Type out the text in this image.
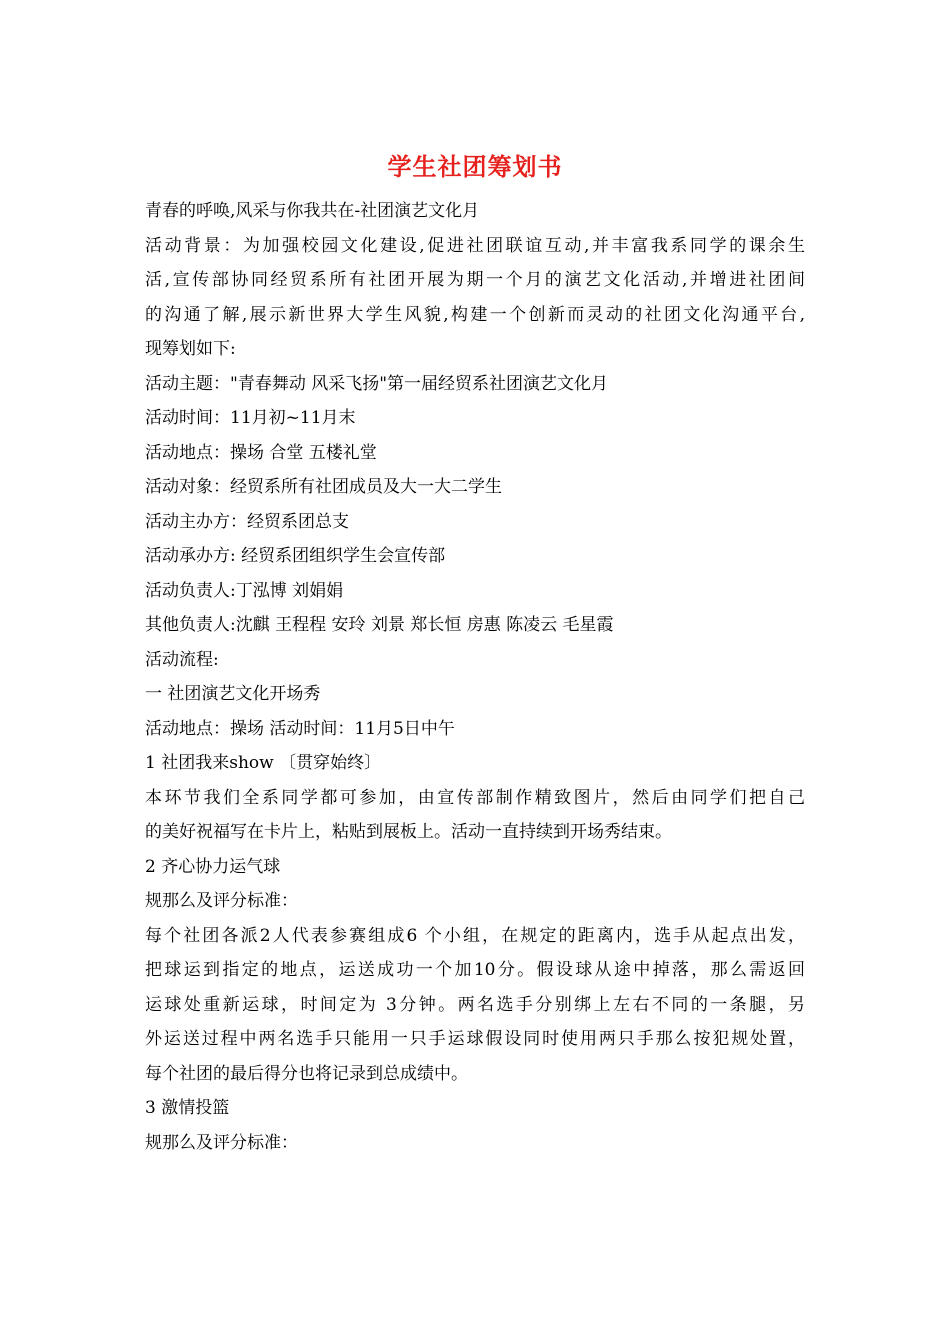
学生社团筹划书
青春的呼唤,风采与你我共在-社团演艺文化月
活动背景：为加强校园文化建设,促进社团联谊互动,并丰富我系同学的课余生
活,宣传部协同经贸系所有社团开展为期一个月的演艺文化活动,并增进社团间
的沟通了解,展示新世界大学生风貌,构建一个创新而灵动的社团文化沟通平台,
现筹划如下:
活动主题："青春舞动 风采飞扬"第一届经贸系社团演艺文化月
活动时间：11月初~11月末
活动地点：操场 合堂 五楼礼堂
活动对象：经贸系所有社团成员及大一大二学生
活动主办方：经贸系团总支
活动承办方: 经贸系团组织学生会宣传部
活动负责人:丁泓博 刘娟娟
其他负责人:沈麒 王程程 安玲 刘景 郑长恒 房惠 陈凌云 毛星霞
活动流程:
一 社团演艺文化开场秀
活动地点：操场 活动时间：11月5日中午
1 社团我来show 〔贯穿始终〕
本环节我们全系同学都可参加，由宣传部制作精致图片，然后由同学们把自己
的美好祝福写在卡片上，粘贴到展板上。活动一直持续到开场秀结束。
2 齐心协力运气球
规那么及评分标准：
每个社团各派2人代表参赛组成6 个小组，在规定的距离内，选手从起点出发，
把球运到指定的地点，运送成功一个加10分。假设球从途中掉落，那么需返回
运球处重新运球，时间定为 3分钟。两名选手分别绑上左右不同的一条腿，另
外运送过程中两名选手只能用一只手运球假设同时使用两只手那么按犯规处置，
每个社团的最后得分也将记录到总成绩中。
3 激情投篮
规那么及评分标准：
